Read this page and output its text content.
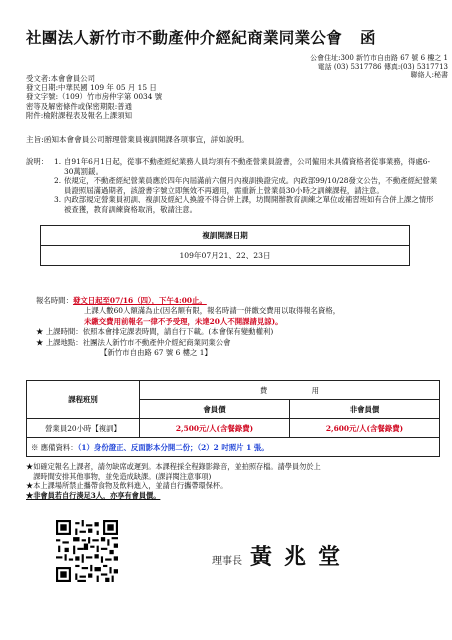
社團法人新竹市不動產仲介經紀商業同業公會 函
公會住址:300 新竹市自由路 67 號 6 樓之 1
電話 (03) 5317786 傳真:(03) 5317713
聯絡人:秘書
受文者:本會會員公司
發文日期:中華民國 109 年 05 月 15 日
發文字號:（109）竹市房仲字第 0034 號
密等及解密條件或保密期限:普通
附件:檢附課程表及報名上課須知
主旨:函知本會會員公司辦理營業員複訓開課各項事宜，詳如說明。
說明： 1. 自91年6月1日起，從事不動產經紀業務人員均須有不動產營業員證書，公司僱用未具備資格者從事業務，得處6-30萬罰鍰。
2. 依規定，不動產經紀營業員應於四年內屆滿前六個月內複訓換證完成。內政部99/10/28發文公告，不動產經紀營業員證照屆滿過期者，該證書字號立即無效不再適用，需重新上營業員30小時之訓練課程，請注意。
3. 內政部規定營業員初訓、複訓及經紀人換證不得合併上課，坊間開辦教育訓練之單位或補習班如有合併上課之情形被查獲，教育訓練資格取消，敬請注意。
複訓開課日期
109年07月21、22、23日
報名時間：發文日起至07/16（四），下午4:00止。
上課人數60人額滿為止(因名額有限，報名時請一併繳交費用以取得報名資格，
未繳交費用前報名一律不予受理，未達20人不開課請見諒)。
★ 上課時間：依照本會排定課表時間，請自行下載。(本會保有變動權利)
★ 上課地點：社團法人新竹市不動產仲介經紀商業同業公會
【新竹市自由路 67 號 6 樓之 1】
課程班別	費　　　　　　用	
	會員價	非會員價
營業員20小時【複訓】	2,500元/人(含餐錄費)	2,600元/人(含餐錄費)
※ 應備資料：（1）身份證正、反面影本分開二份；（2）2 吋照片 1 張。		
★如確定報名上課者，請勿缺席或遲到。本課程採全程錄影錄音，並拍照存檔。請學員勿於上
　課時間安排其他事物，並免造成缺課。(課詳閱注意事項)
★本上課場所禁止攜帶食物及飲料進入，並請自行攜帶環保杯。
★非會員若自行湊足3人，亦享有會員價。
理事長 黃兆堂
